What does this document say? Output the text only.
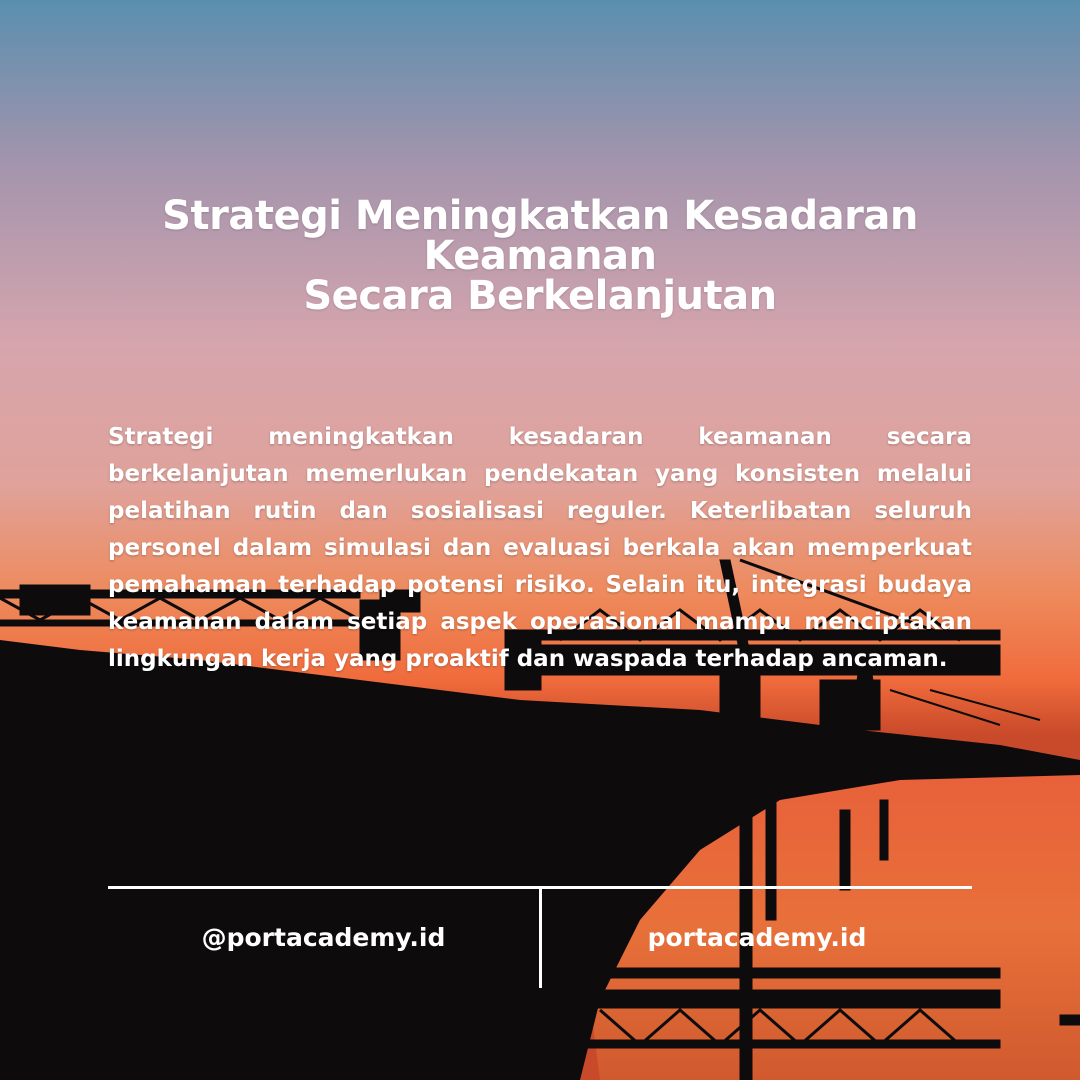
Strategi Meningkatkan Kesadaran Keamanan
Secara Berkelanjutan
Strategi meningkatkan kesadaran keamanan secara berkelanjutan memerlukan pendekatan yang konsisten melalui pelatihan rutin dan sosialisasi reguler. Keterlibatan seluruh personel dalam simulasi dan evaluasi berkala akan memperkuat pemahaman terhadap potensi risiko. Selain itu, integrasi budaya keamanan dalam setiap aspek operasional mampu menciptakan lingkungan kerja yang proaktif dan waspada terhadap ancaman.
@portacademy.id	portacademy.id
